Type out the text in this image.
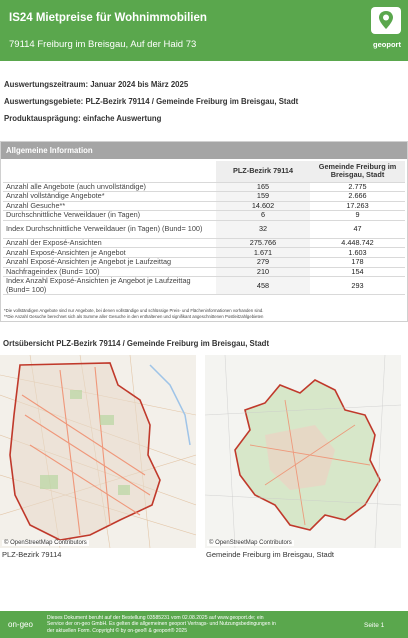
IS24 Mietpreise für Wohnimmobilien
79114 Freiburg im Breisgau, Auf der Haid 73	geoport
Auswertungszeitraum: Januar 2024 bis März 2025
Auswertungsgebiete: PLZ-Bezirk 79114 / Gemeinde Freiburg im Breisgau, Stadt
Produktausprägung: einfache Auswertung
Allgemeine Information
	PLZ-Bezirk 79114	Gemeinde Freiburg im Breisgau, Stadt
Anzahl alle Angebote (auch unvollständige)	165	2.775
Anzahl vollständige Angebote*	159	2.666
Anzahl Gesuche**	14.602	17.263
Durchschnittliche Verweildauer (in Tagen)	6	9
Index Durchschnittliche Verweildauer (in Tagen) (Bund= 100)	32	47
Anzahl der Exposé-Ansichten	275.766	4.448.742
Anzahl Exposé-Ansichten je Angebot	1.671	1.603
Anzahl Exposé-Ansichten je Angebot je Laufzeittag	279	178
Nachfrageindex (Bund= 100)	210	154
Index Anzahl Exposé-Ansichten je Angebot je Laufzeittag (Bund= 100)	458	293
*Die vollständigen Angebote sind nur Angebote, bei denen vollständige und schlüssige Preis- und Flächeninformationen vorhanden sind.
**Die Anzahl Gesuche berechnet sich als Summe aller Gesuche in den enthaltenen und signifikant angeschnittenen Postleitzahlgebieten
Ortsübersicht PLZ-Bezirk 79114 / Gemeinde Freiburg im Breisgau, Stadt
© OpenStreetMap Contributors
PLZ-Bezirk 79114
© OpenStreetMap Contributors
Gemeinde Freiburg im Breisgau, Stadt
on-geo
Dieses Dokument beruht auf der Bestellung 03585231 vom 02.08.2025 auf www.geoport.de; ein
Service der on-geo GmbH. Es gelten die allgemeinen geoport Vertrags- und Nutzungsbedingungen in
der aktuellen Form. Copyright © by on-geo® & geoport® 2025
Seite 1
